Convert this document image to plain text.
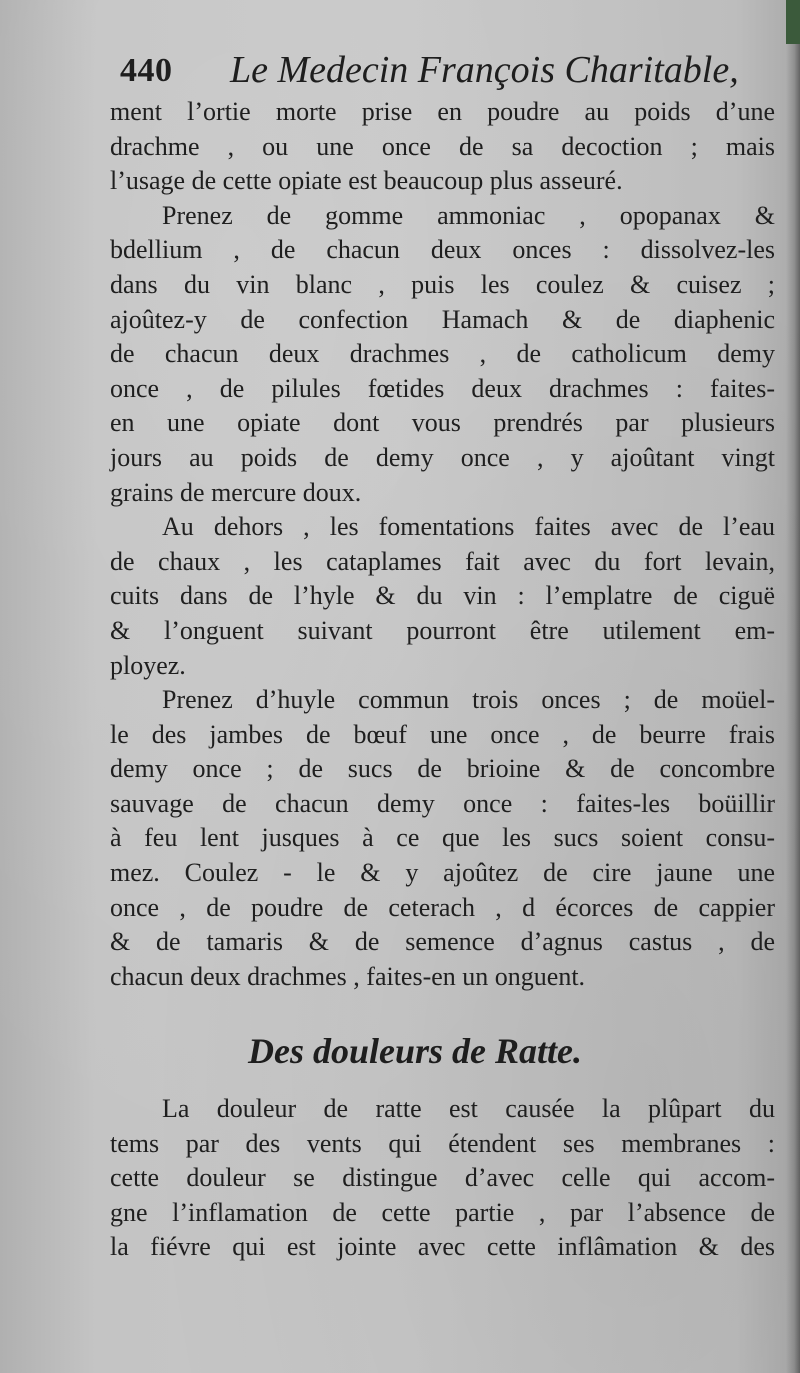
440 Le Medecin François Charitable,
ment l’ortie morte prise en poudre au poids d’une
drachme , ou une once de sa decoction ; mais
l’usage de cette opiate est beaucoup plus asseuré.
Prenez de gomme ammoniac , opopanax &
bdellium , de chacun deux onces : dissolvez-les
dans du vin blanc , puis les coulez & cuisez ;
ajoûtez-y de confection Hamach & de diaphenic
de chacun deux drachmes , de catholicum demy
once , de pilules fœtides deux drachmes : faites-
en une opiate dont vous prendrés par plusieurs
jours au poids de demy once , y ajoûtant vingt
grains de mercure doux.
Au dehors , les fomentations faites avec de l’eau
de chaux , les cataplames fait avec du fort levain,
cuits dans de l’hyle & du vin : l’emplatre de ciguë
& l’onguent suivant pourront être utilement em-
ployez.
Prenez d’huyle commun trois onces ; de moüel-
le des jambes de bœuf une once , de beurre frais
demy once ; de sucs de brioine & de concombre
sauvage de chacun demy once : faites-les boüillir
à feu lent jusques à ce que les sucs soient consu-
mez. Coulez - le & y ajoûtez de cire jaune une
once , de poudre de ceterach , d écorces de cappier
& de tamaris & de semence d’agnus castus , de
chacun deux drachmes , faites-en un onguent.
Des douleurs de Ratte.
La douleur de ratte est causée la plûpart du
tems par des vents qui étendent ses membranes :
cette douleur se distingue d’avec celle qui accom-
gne l’inflamation de cette partie , par l’absence de
la fiévre qui est jointe avec cette inflâmation & des
